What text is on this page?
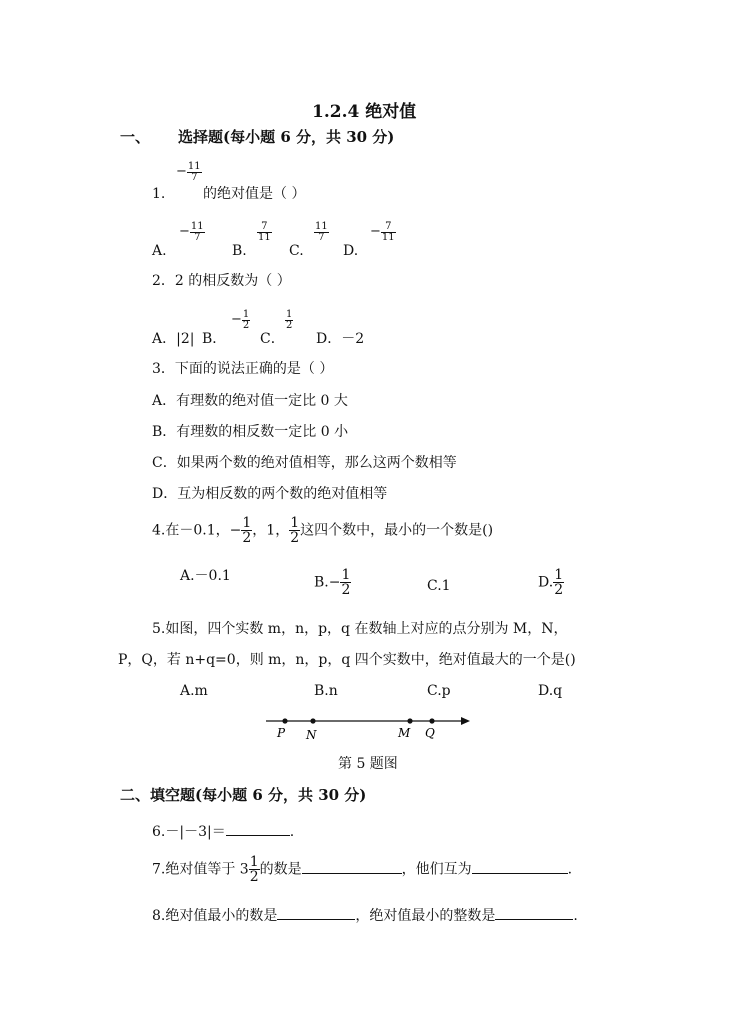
1.2.4 绝对值
一、 选择题(每小题 6 分，共 30 分)
1.
− $\frac{11}{7}$
的绝对值是（ ）
A.
− $\frac{11}{7}$
B.
$\frac{7}{11}$
C.
$\frac{11}{7}$
D.
− $\frac{7}{11}$
2．2 的相反数为（ ）
A．|2| B．
− $\frac{1}{2}$
C．
$\frac{1}{2}$
D．－2
3．下面的说法正确的是（ ）
A．有理数的绝对值一定比 0 大
B．有理数的相反数一定比 0 小
C．如果两个数的绝对值相等，那么这两个数相等
D．互为相反数的两个数的绝对值相等
4.在－0.1，− $\frac{1}{2}$ ，1， $\frac{1}{2}$ 这四个数中，最小的一个数是()
A.－0.1	$B.- \frac{1}{2}$	C.1	D. $\frac{1}{2}$
5.如图，四个实数 m，n，p，q 在数轴上对应的点分别为 M，N，
P，Q，若 n+q=0，则 m，n，p，q 四个实数中，绝对值最大的一个是()
A.m	B.n	C.p	D.q
P N	M Q
第 5 题图
二、填空题(每小题 6 分，共 30 分)
6.－|－3|＝	.
7.绝对值等于 $3 \frac{1}{2}$ 的数是	，他们互为	.
8.绝对值最小的数是	，绝对值最小的整数是	.
